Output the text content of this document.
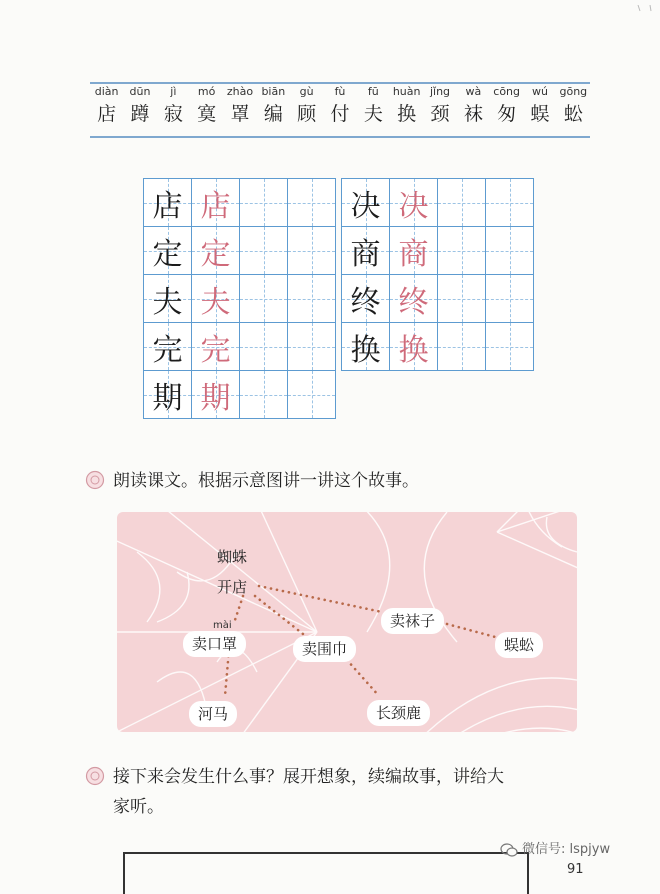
diàn
店
dūn
蹲
jì
寂
mó
寞
zhào
罩
biān
编
gù
顾
fù
付
fū
夫
huàn
换
jǐng
颈
wà
袜
cōng
匆
wú
蜈
gōng
蚣
店 店
定 定
夫 夫
完 完
期 期
决 决
商 商
终 终
换 换
朗读课文。根据示意图讲一讲这个故事。
蜘蛛
开店
mài
卖口罩	卖围巾
卖袜子
河马	长颈鹿
蜈蚣
接下来会发生什么事？展开想象，续编故事，讲给大
家听。
微信号: lspjyw
91
